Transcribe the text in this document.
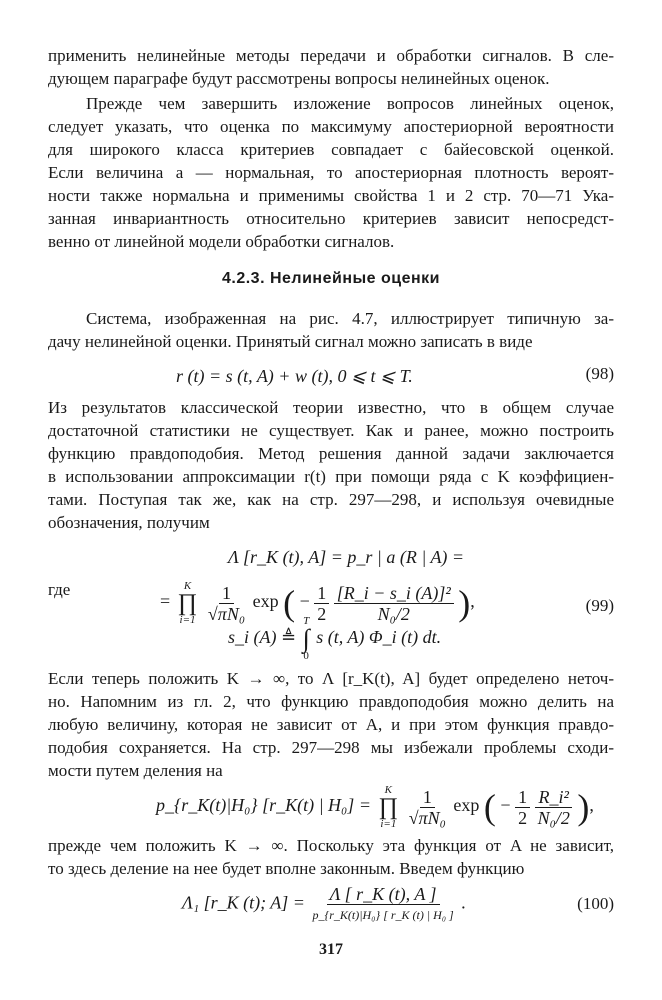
применить нелинейные методы передачи и обработки сигналов. В сле-
дующем параграфе будут рассмотрены вопросы нелинейных оценок.
Прежде чем завершить изложение вопросов линейных оценок,
следует указать, что оценка по максимуму апостериорной вероятности
для широкого класса критериев совпадает с байесовской оценкой.
Если величина a — нормальная, то апостериорная плотность вероят-
ности также нормальна и применимы свойства 1 и 2 стр. 70—71 Ука-
занная инвариантность относительно критериев зависит непосредст-
венно от линейной модели обработки сигналов.
4.2.3. Нелинейные оценки
Система, изображенная на рис. 4.7, иллюстрирует типичную за-
дачу нелинейной оценки. Принятый сигнал можно записать в виде
r (t) = s (t, A) + w (t), 0 ⩽ t ⩽ T.	(98)
Из результатов классической теории известно, что в общем случае
достаточной статистики не существует. Как и ранее, можно построить
функцию правдоподобия. Метод решения данной задачи заключается
в использовании аппроксимации r(t) при помощи ряда с K коэффициен-
тами. Поступая так же, как на стр. 297—298, и используя очевидные
обозначения, получим
Λ [r_K (t), A] = p_r | a (R | A) =
=
K
∏
i=1
$\frac{1}{\text{√πN₀}}$ exp ( − $\frac{1}{2}$
$\frac{\text{[R\_i − s\_i (A)]²}}{\text{N₀/2}}$ ),	(99)
где
s_i (A) ≜
T
∫
0
s (t, A) Φ_i (t) dt.
Если теперь положить K → ∞, то Λ [r_K(t), A] будет определено неточ-
но. Напомним из гл. 2, что функцию правдоподобия можно делить на
любую величину, которая не зависит от A, и при этом функция правдо-
подобия сохраняется. На стр. 297—298 мы избежали проблемы сходи-
мости путем деления на
p_{r_K(t)|H₀} [r_K(t) | H₀] =
K
∏
i=1
$\frac{1}{\text{√πN₀}}$ exp ( − $\frac{1}{2}$
$\frac{\text{R\_i²}}{\text{N₀/2}}$ ),
прежде чем положить K → ∞. Поскольку эта функция от A не зависит,
то здесь деление на нее будет вполне законным. Введем функцию
Λ₁ [r_K (t); $A] = \frac{\Lambda [ r\_K (t), A ]}{\text{p\_\{r\_K(t)|H₀\} [ r\_K (t) | H₀ ]}}$ .	(100)
317
